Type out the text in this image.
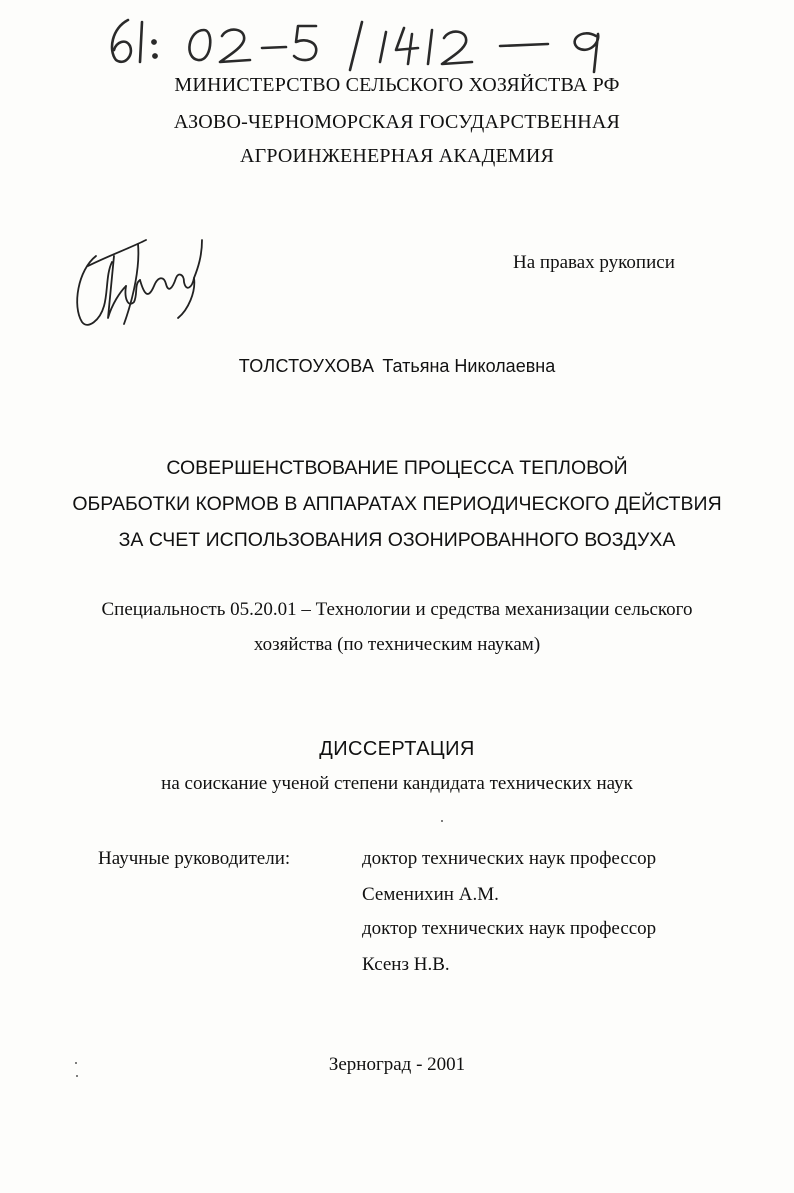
МИНИСТЕРСТВО СЕЛЬСКОГО ХОЗЯЙСТВА РФ
АЗОВО-ЧЕРНОМОРСКАЯ ГОСУДАРСТВЕННАЯ
АГРОИНЖЕНЕРНАЯ АКАДЕМИЯ
На правах рукописи
ТОЛСТОУХОВА Татьяна Николаевна
СОВЕРШЕНСТВОВАНИЕ ПРОЦЕССА ТЕПЛОВОЙ
ОБРАБОТКИ КОРМОВ В АППАРАТАХ ПЕРИОДИЧЕСКОГО ДЕЙСТВИЯ
ЗА СЧЕТ ИСПОЛЬЗОВАНИЯ ОЗОНИРОВАННОГО ВОЗДУХА
Специальность 05.20.01 – Технологии и средства механизации сельского
хозяйства (по техническим наукам)
ДИССЕРТАЦИЯ
на соискание ученой степени кандидата технических наук
Научные руководители:	доктор технических наук профессор
Семенихин А.М.
доктор технических наук профессор
Ксенз Н.В.
Зерноград - 2001
